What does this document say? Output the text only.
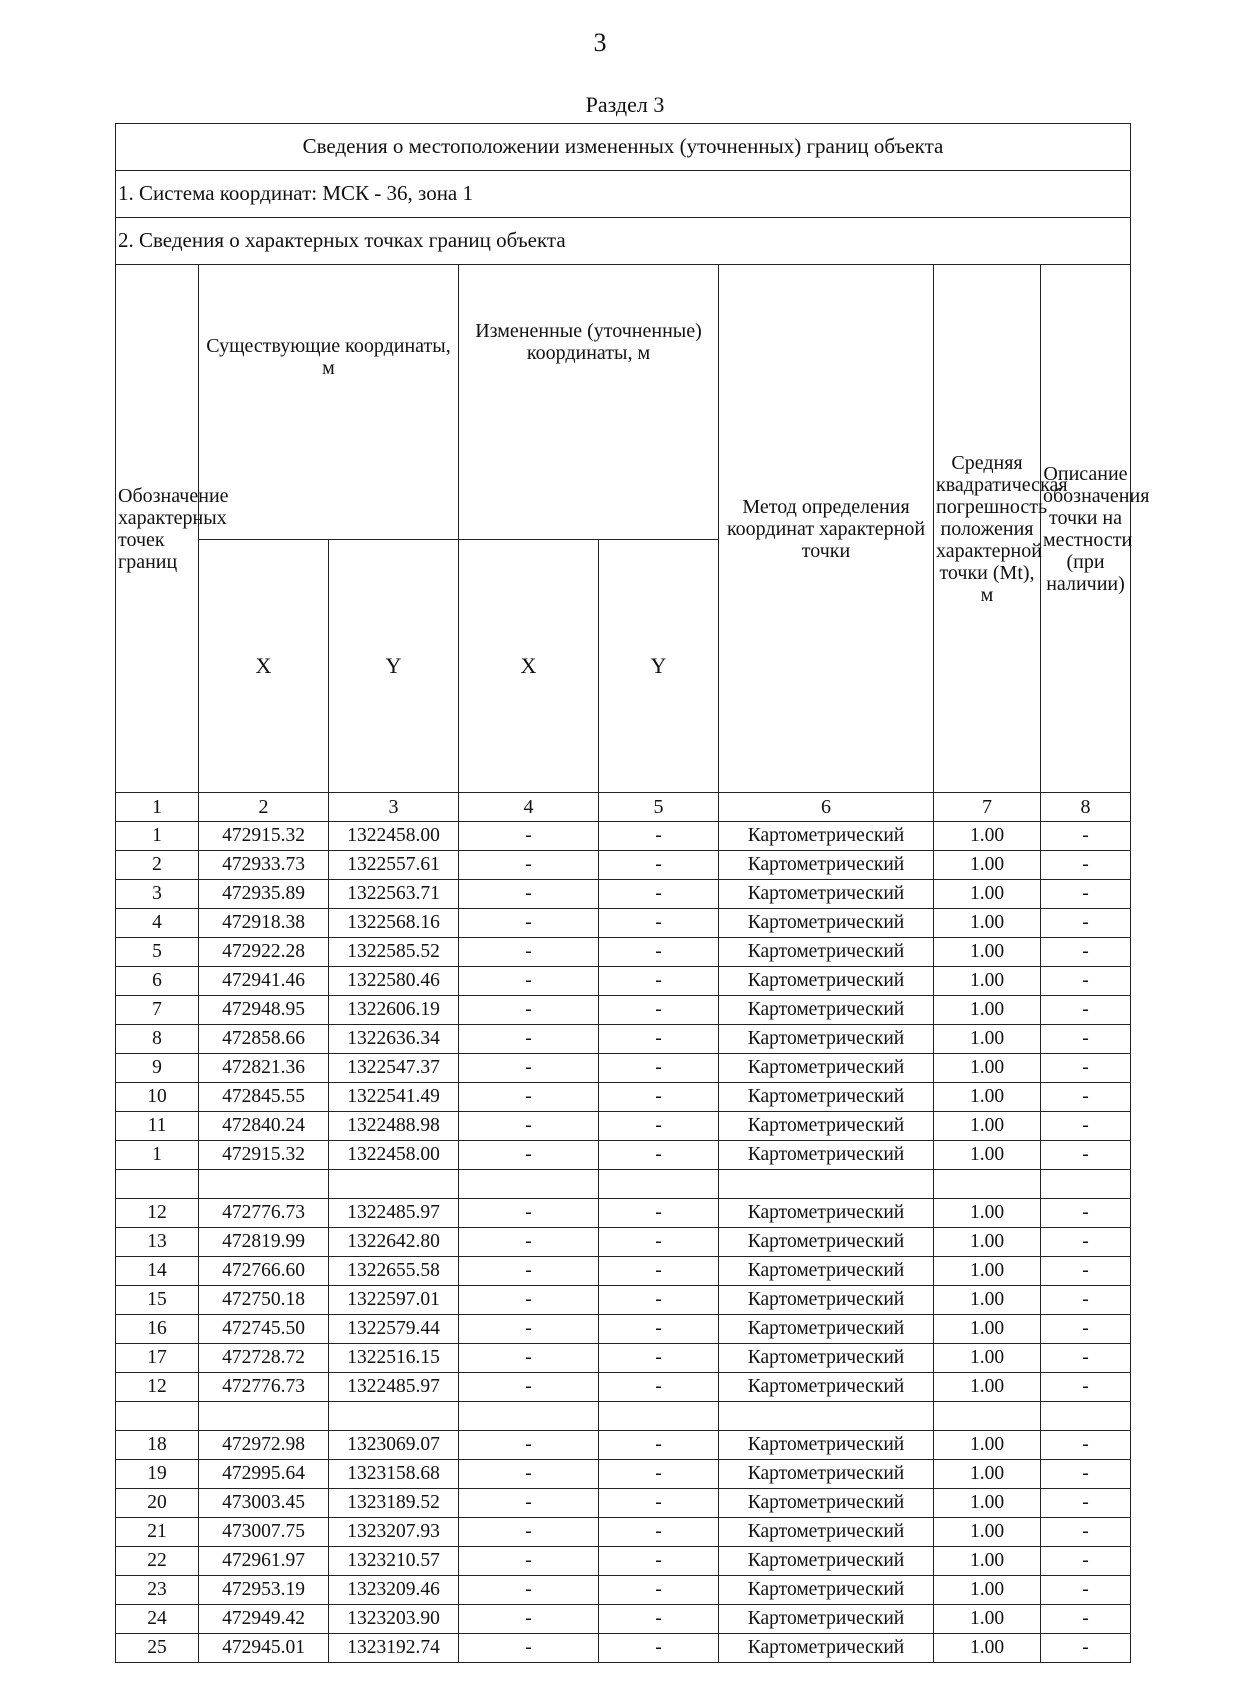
3
Раздел 3
Сведения о местоположении измененных (уточненных) границ объекта							
1. Система координат: МСК - 36, зона 1							
2. Сведения о характерных точках границ объекта							
Обозначение характерных точек границ	Существующие координаты, м		Измененные (уточненные) координаты, м		Метод определения координат характерной точки	Средняя квадратическая погрешность положения характерной точки (Mt), м	Описание обозначения точки на местности (при наличии)
	X	Y	X	Y			
1	2	3	4	5	6	7	8
1	472915.32	1322458.00	-	-	Картометрический	1.00	-
2	472933.73	1322557.61	-	-	Картометрический	1.00	-
3	472935.89	1322563.71	-	-	Картометрический	1.00	-
4	472918.38	1322568.16	-	-	Картометрический	1.00	-
5	472922.28	1322585.52	-	-	Картометрический	1.00	-
6	472941.46	1322580.46	-	-	Картометрический	1.00	-
7	472948.95	1322606.19	-	-	Картометрический	1.00	-
8	472858.66	1322636.34	-	-	Картометрический	1.00	-
9	472821.36	1322547.37	-	-	Картометрический	1.00	-
10	472845.55	1322541.49	-	-	Картометрический	1.00	-
11	472840.24	1322488.98	-	-	Картометрический	1.00	-
1	472915.32	1322458.00	-	-	Картометрический	1.00	-

12	472776.73	1322485.97	-	-	Картометрический	1.00	-
13	472819.99	1322642.80	-	-	Картометрический	1.00	-
14	472766.60	1322655.58	-	-	Картометрический	1.00	-
15	472750.18	1322597.01	-	-	Картометрический	1.00	-
16	472745.50	1322579.44	-	-	Картометрический	1.00	-
17	472728.72	1322516.15	-	-	Картометрический	1.00	-
12	472776.73	1322485.97	-	-	Картометрический	1.00	-

18	472972.98	1323069.07	-	-	Картометрический	1.00	-
19	472995.64	1323158.68	-	-	Картометрический	1.00	-
20	473003.45	1323189.52	-	-	Картометрический	1.00	-
21	473007.75	1323207.93	-	-	Картометрический	1.00	-
22	472961.97	1323210.57	-	-	Картометрический	1.00	-
23	472953.19	1323209.46	-	-	Картометрический	1.00	-
24	472949.42	1323203.90	-	-	Картометрический	1.00	-
25	472945.01	1323192.74	-	-	Картометрический	1.00	-
